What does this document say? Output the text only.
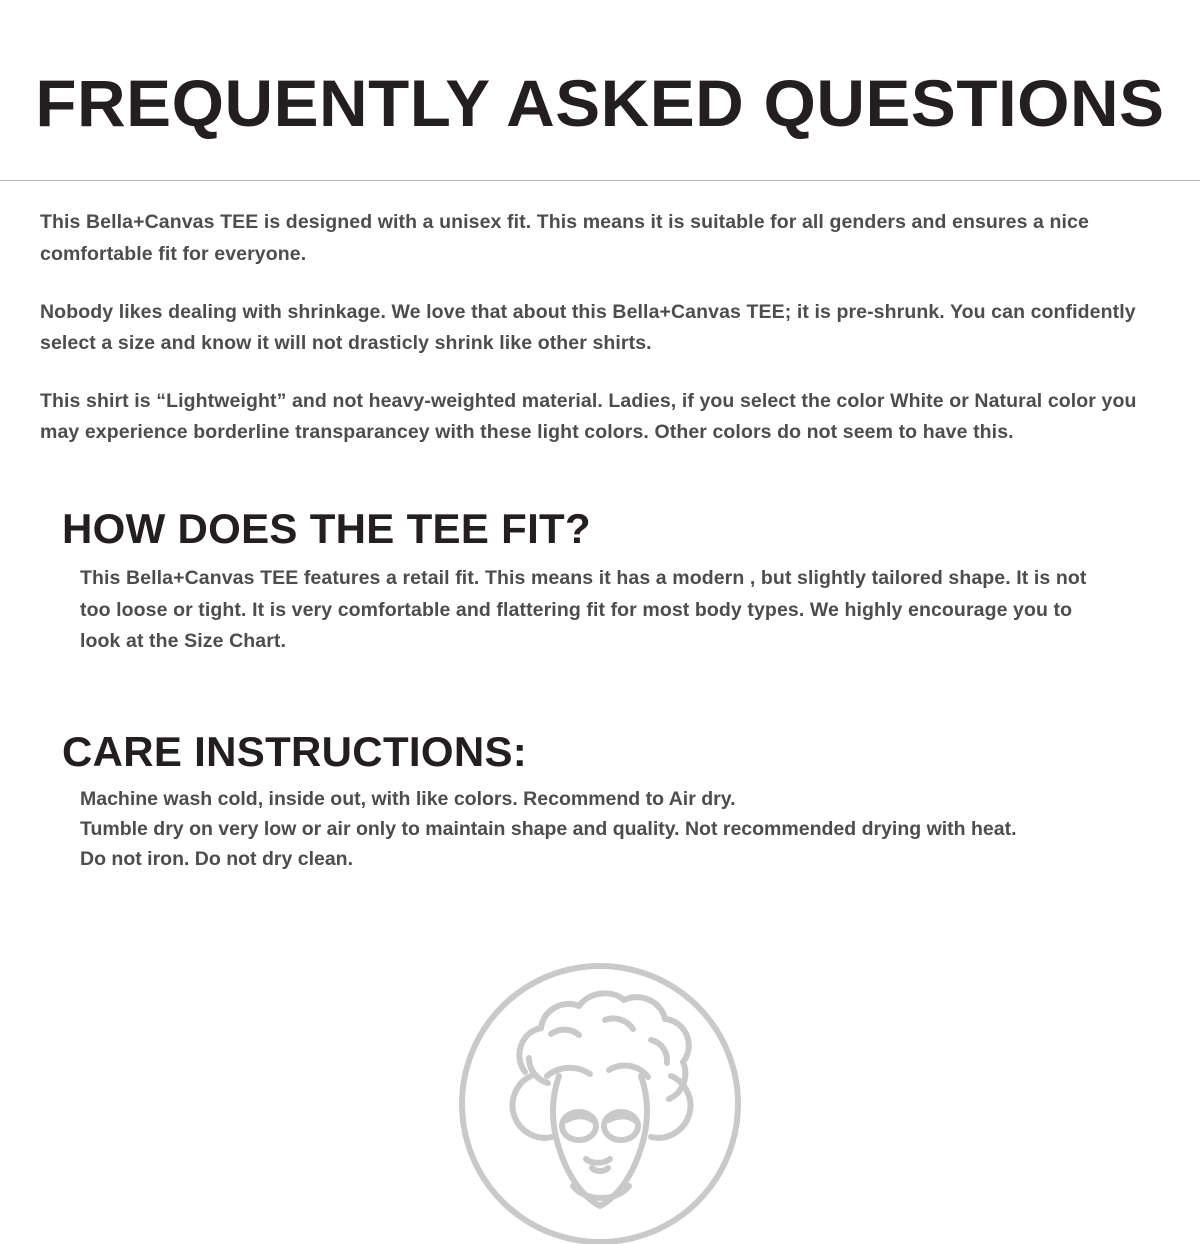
FREQUENTLY ASKED QUESTIONS

This Bella+Canvas TEE is designed with a unisex fit. This means it is suitable for all genders and ensures a nice comfortable fit for everyone.

Nobody likes dealing with shrinkage. We love that about this Bella+Canvas TEE; it is pre-shrunk. You can confidently select a size and know it will not drasticly shrink like other shirts.

This shirt is “Lightweight” and not heavy-weighted material. Ladies, if you select the color White or Natural color you may experience borderline transparancey with these light colors. Other colors do not seem to have this.

HOW DOES THE TEE FIT?

This Bella+Canvas TEE features a retail fit. This means it has a modern , but slightly tailored shape. It is not too loose or tight. It is very comfortable and flattering fit for most body types. We highly encourage you to look at the Size Chart.

CARE INSTRUCTIONS:

Machine wash cold, inside out, with like colors. Recommend to Air dry.

Tumble dry on very low or air only to maintain shape and quality. Not recommended drying with heat.

Do not iron. Do not dry clean.
